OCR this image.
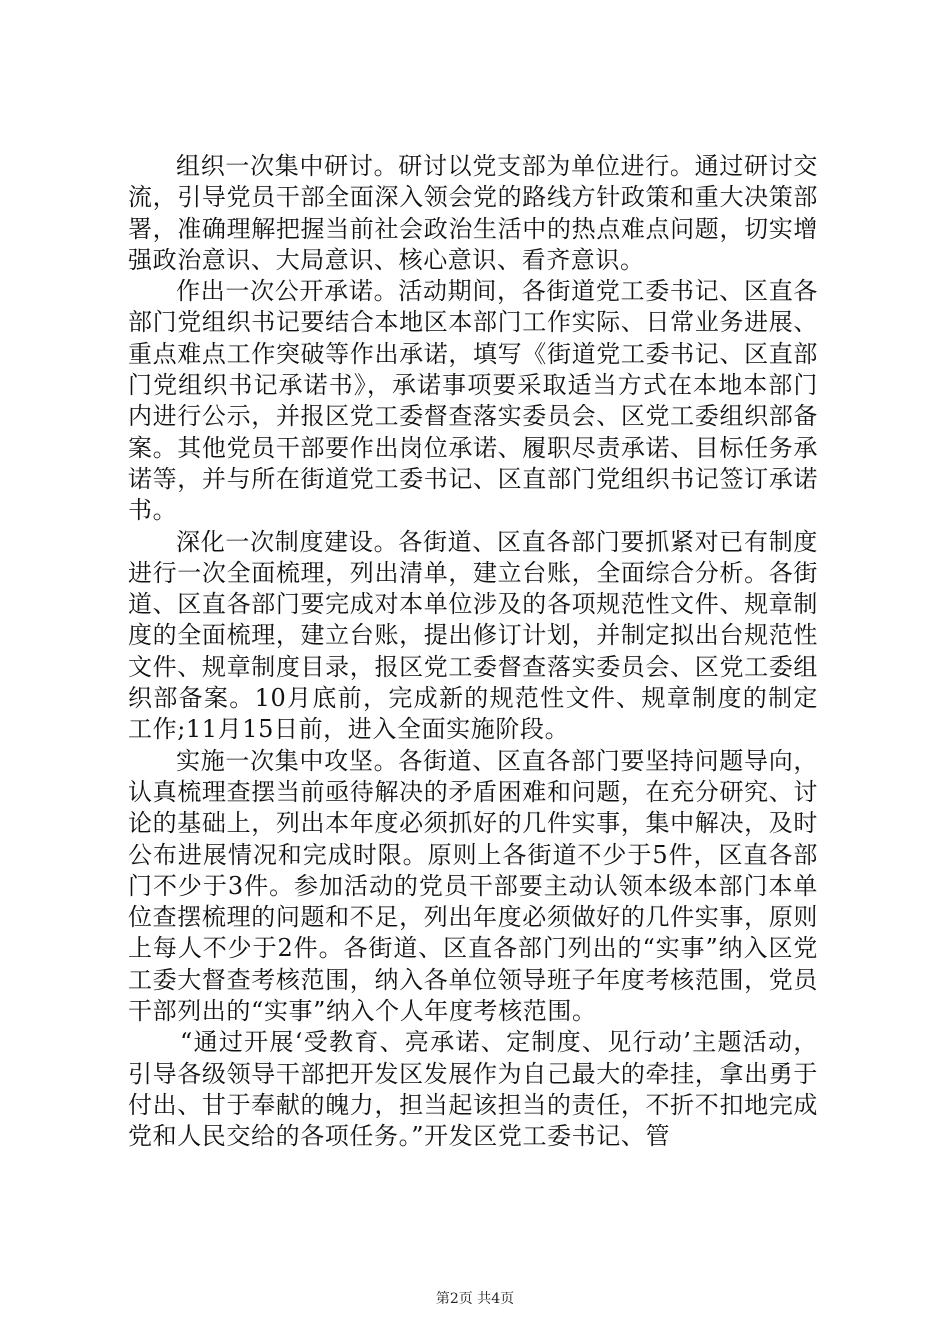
组织一次集中研讨。研讨以党支部为单位进行。通过研讨交流，引导党员干部全面深入领会党的路线方针政策和重大决策部署，准确理解把握当前社会政治生活中的热点难点问题，切实增强政治意识、大局意识、核心意识、看齐意识。

作出一次公开承诺。活动期间，各街道党工委书记、区直各部门党组织书记要结合本地区本部门工作实际、日常业务进展、重点难点工作突破等作出承诺，填写《街道党工委书记、区直部门党组织书记承诺书》，承诺事项要采取适当方式在本地本部门内进行公示，并报区党工委督查落实委员会、区党工委组织部备案。其他党员干部要作出岗位承诺、履职尽责承诺、目标任务承诺等，并与所在街道党工委书记、区直部门党组织书记签订承诺书。

深化一次制度建设。各街道、区直各部门要抓紧对已有制度进行一次全面梳理，列出清单，建立台账，全面综合分析。各街道、区直各部门要完成对本单位涉及的各项规范性文件、规章制度的全面梳理，建立台账，提出修订计划，并制定拟出台规范性文件、规章制度目录，报区党工委督查落实委员会、区党工委组织部备案。10月底前，完成新的规范性文件、规章制度的制定工作;11月15日前，进入全面实施阶段。

实施一次集中攻坚。各街道、区直各部门要坚持问题导向，认真梳理查摆当前亟待解决的矛盾困难和问题，在充分研究、讨论的基础上，列出本年度必须抓好的几件实事，集中解决，及时公布进展情况和完成时限。原则上各街道不少于5件，区直各部门不少于3件。参加活动的党员干部要主动认领本级本部门本单位查摆梳理的问题和不足，列出年度必须做好的几件实事，原则上每人不少于2件。各街道、区直各部门列出的“实事”纳入区党工委大督查考核范围，纳入各单位领导班子年度考核范围，党员干部列出的“实事”纳入个人年度考核范围。

“通过开展‘受教育、亮承诺、定制度、见行动’主题活动，引导各级领导干部把开发区发展作为自己最大的牵挂，拿出勇于付出、甘于奉献的魄力，担当起该担当的责任，不折不扣地完成党和人民交给的各项任务。”开发区党工委书记、管

第2页 共4页
